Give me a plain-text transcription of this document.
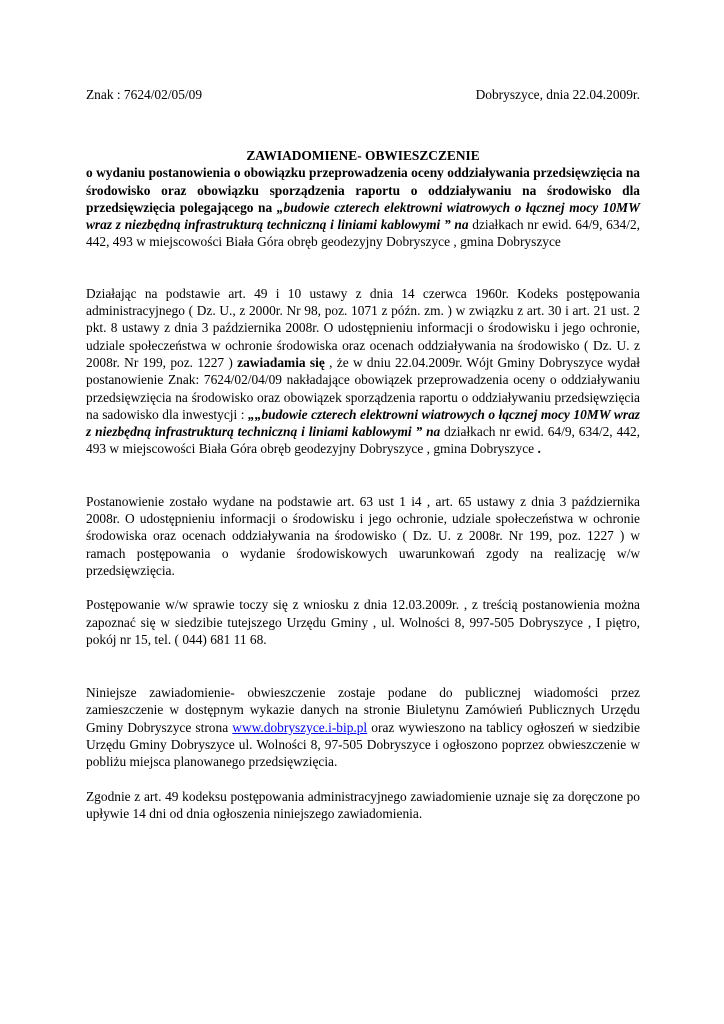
Znak : 7624/02/05/09	Dobryszyce, dnia 22.04.2009r.
ZAWIADOMIENE- OBWIESZCZENIE
o wydaniu postanowienia o obowiązku przeprowadzenia oceny oddziaływania przedsięwzięcia na środowisko oraz obowiązku sporządzenia raportu o oddziaływaniu na środowisko dla przedsięwzięcia polegającego na „budowie czterech elektrowni wiatrowych o łącznej mocy 10MW wraz z niezbędną infrastrukturą techniczną i liniami kablowymi ” na działkach nr ewid. 64/9, 634/2, 442, 493 w miejscowości Biała Góra obręb geodezyjny Dobryszyce , gmina Dobryszyce

Działając na podstawie art. 49 i 10 ustawy z dnia 14 czerwca 1960r. Kodeks postępowania administracyjnego ( Dz. U., z 2000r. Nr 98, poz. 1071 z późn. zm. ) w związku z art. 30 i art. 21 ust. 2 pkt. 8 ustawy z dnia 3 października 2008r. O udostępnieniu informacji o środowisku i jego ochronie, udziale społeczeństwa w ochronie środowiska oraz ocenach oddziaływania na środowisko ( Dz. U. z 2008r. Nr 199, poz. 1227 ) zawiadamia się , że w dniu 22.04.2009r. Wójt Gminy Dobryszyce wydał postanowienie Znak: 7624/02/04/09 nakładające obowiązek przeprowadzenia oceny o oddziaływaniu przedsięwzięcia na środowisko oraz obowiązek sporządzenia raportu o oddziaływaniu przedsięwzięcia na sadowisko dla inwestycji : „„budowie czterech elektrowni wiatrowych o łącznej mocy 10MW wraz z niezbędną infrastrukturą techniczną i liniami kablowymi ” na działkach nr ewid. 64/9, 634/2, 442, 493 w miejscowości Biała Góra obręb geodezyjny Dobryszyce , gmina Dobryszyce .

Postanowienie zostało wydane na podstawie art. 63 ust 1 i4 , art. 65 ustawy z dnia 3 października 2008r. O udostępnieniu informacji o środowisku i jego ochronie, udziale społeczeństwa w ochronie środowiska oraz ocenach oddziaływania na środowisko ( Dz. U. z 2008r. Nr 199, poz. 1227 ) w ramach postępowania o wydanie środowiskowych uwarunkowań zgody na realizację w/w przedsięwzięcia.

Postępowanie w/w sprawie toczy się z wniosku z dnia 12.03.2009r. , z treścią postanowienia można zapoznać się w siedzibie tutejszego Urzędu Gminy , ul. Wolności 8, 997-505 Dobryszyce , I piętro, pokój nr 15, tel. ( 044) 681 11 68.

Niniejsze zawiadomienie- obwieszczenie zostaje podane do publicznej wiadomości przez zamieszczenie w dostępnym wykazie danych na stronie Biuletynu Zamówień Publicznych Urzędu Gminy Dobryszyce strona www.dobryszyce.i-bip.pl oraz wywieszono na tablicy ogłoszeń w siedzibie Urzędu Gminy Dobryszyce ul. Wolności 8, 97-505 Dobryszyce i ogłoszono poprzez obwieszczenie w pobliżu miejsca planowanego przedsięwzięcia.

Zgodnie z art. 49 kodeksu postępowania administracyjnego zawiadomienie uznaje się za doręczone po upływie 14 dni od dnia ogłoszenia niniejszego zawiadomienia.
